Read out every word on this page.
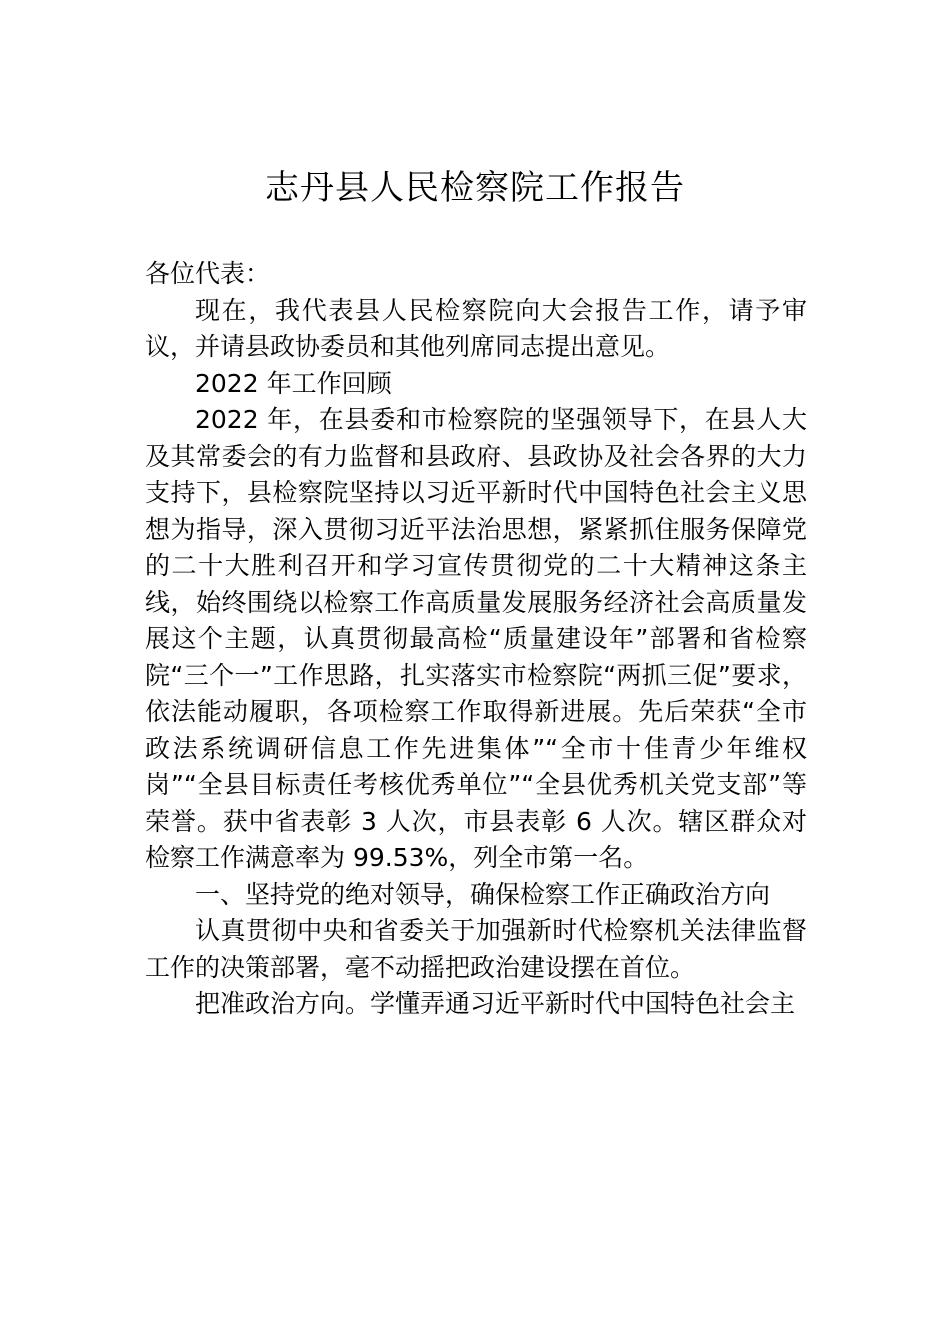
志丹县人民检察院工作报告

各位代表：

现在，我代表县人民检察院向大会报告工作，请予审议，并请县政协委员和其他列席同志提出意见。

2022 年工作回顾

2022 年，在县委和市检察院的坚强领导下，在县人大及其常委会的有力监督和县政府、县政协及社会各界的大力支持下，县检察院坚持以习近平新时代中国特色社会主义思想为指导，深入贯彻习近平法治思想，紧紧抓住服务保障党的二十大胜利召开和学习宣传贯彻党的二十大精神这条主线，始终围绕以检察工作高质量发展服务经济社会高质量发展这个主题，认真贯彻最高检“质量建设年”部署和省检察院“三个一”工作思路，扎实落实市检察院“两抓三促”要求，依法能动履职，各项检察工作取得新进展。先后荣获“全市政法系统调研信息工作先进集体”“全市十佳青少年维权岗”“全县目标责任考核优秀单位”“全县优秀机关党支部”等荣誉。获中省表彰 3 人次，市县表彰 6 人次。辖区群众对检察工作满意率为 99.53%，列全市第一名。

一、坚持党的绝对领导，确保检察工作正确政治方向

认真贯彻中央和省委关于加强新时代检察机关法律监督工作的决策部署，毫不动摇把政治建设摆在首位。

把准政治方向。学懂弄通习近平新时代中国特色社会主
